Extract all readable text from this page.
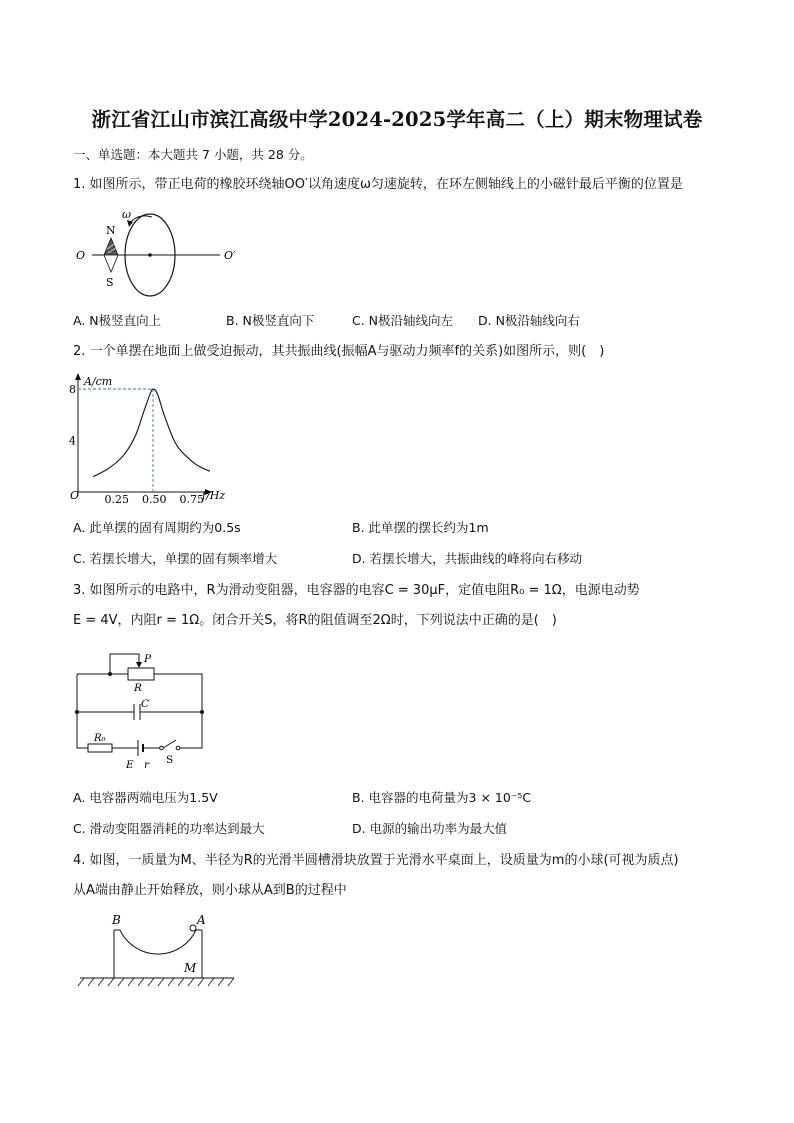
浙江省江山市滨江高级中学2024-2025学年高二（上）期末物理试卷
一、单选题：本大题共 7 小题，共 28 分。
1. 如图所示，带正电荷的橡胶环绕轴OO′以角速度ω匀速旋转，在环左侧轴线上的小磁针最后平衡的位置是
ω
N
S
O	O′
A. N极竖直向上	B. N极竖直向下	C. N极沿轴线向左 D. N极沿轴线向右
2. 一个单摆在地面上做受迫振动，其共振曲线(振幅A与驱动力频率f的关系)如图所示，则(　)
0.25 0.50 0.75
4
8
A/cm
f/Hz
O
A. 此单摆的固有周期约为0.5s	B. 此单摆的摆长约为1m
C. 若摆长增大，单摆的固有频率增大	D. 若摆长增大，共振曲线的峰将向右移动
3. 如图所示的电路中，R为滑动变阻器，电容器的电容C = 30μF，定值电阻R₀ = 1Ω，电源电动势
E = 4V，内阻r = 1Ω。闭合开关S，将R的阻值调至2Ω时，下列说法中正确的是(　)
P
R
C
R₀
E r S
A. 电容器两端电压为1.5V	B. 电容器的电荷量为3 × 10⁻⁵C
C. 滑动变阻器消耗的功率达到最大	D. 电源的输出功率为最大值
4. 如图，一质量为M、半径为R的光滑半圆槽滑块放置于光滑水平桌面上，设质量为m的小球(可视为质点)
从A端由静止开始释放，则小球从A到B的过程中
B	A
M
